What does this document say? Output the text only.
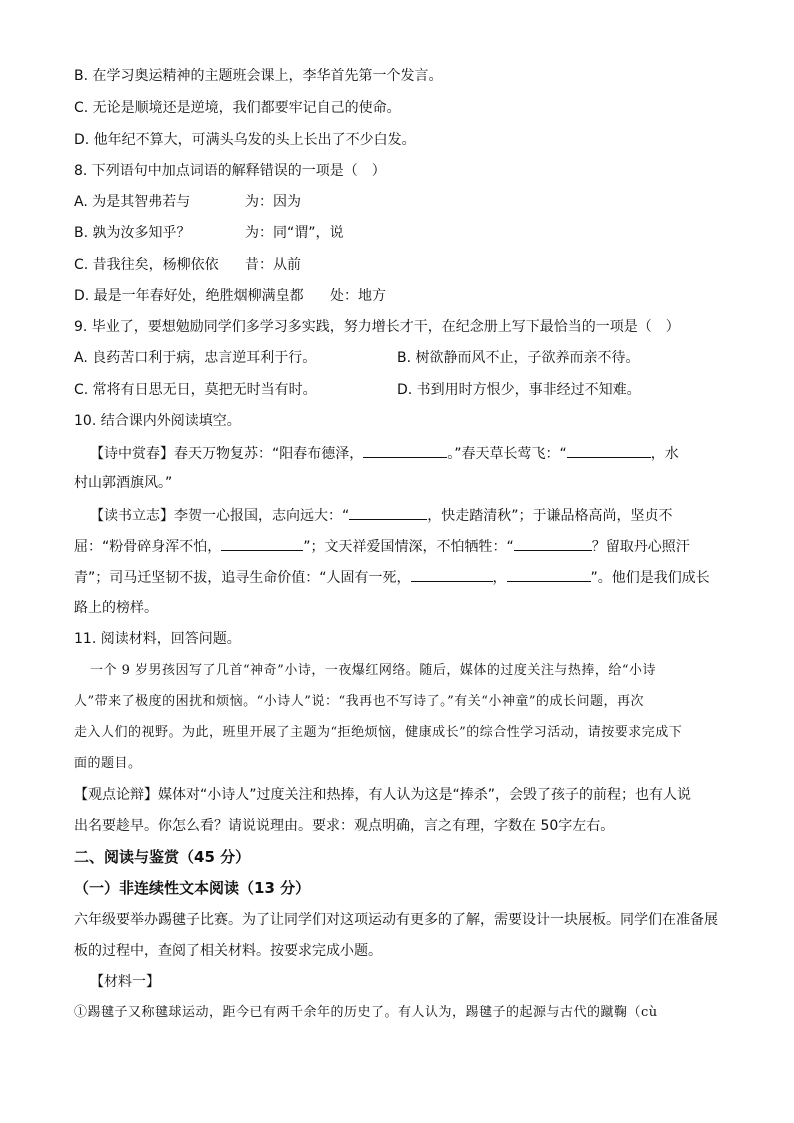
B. 在学习奥运精神的主题班会课上，李华首先第一个发言。
C. 无论是顺境还是逆境，我们都要牢记自己的使命。
D. 他年纪不算大，可满头乌发的头上长出了不少白发。
8. 下列语句中加点词语的解释错误的一项是（　）
A. 为是其智弗若与	为：因为
B. 孰为汝多知乎？	为：同“谓”，说
C. 昔我往矣，杨柳依依 昔：从前
D. 最是一年春好处，绝胜烟柳满皇都 处：地方
9. 毕业了，要想勉励同学们多学习多实践，努力增长才干，在纪念册上写下最恰当的一项是（　）
A. 良药苦口利于病，忠言逆耳利于行。	B. 树欲静而风不止，子欲养而亲不待。
C. 常将有日思无日，莫把无时当有时。	D. 书到用时方恨少，事非经过不知难。
10. 结合课内外阅读填空。
【诗中赏春】春天万物复苏：“阳春布德泽，	。”春天草长莺飞：“	，水
村山郭酒旗风。”
【读书立志】李贺一心报国，志向远大：“	，快走踏清秋”；于谦品格高尚，坚贞不
屈：“粉骨碎身浑不怕，	”；文天祥爱国情深，不怕牺牲：“	？留取丹心照汗
青”；司马迁坚韧不拔，追寻生命价值：“人固有一死，	，	”。他们是我们成长
路上的榜样。
11. 阅读材料，回答问题。
一个 9 岁男孩因写了几首“神奇”小诗，一夜爆红网络。随后，媒体的过度关注与热捧，给“小诗
人”带来了极度的困扰和烦恼。“小诗人”说：“我再也不写诗了。”有关“小神童”的成长问题，再次
走入人们的视野。为此，班里开展了主题为“拒绝烦恼，健康成长”的综合性学习活动，请按要求完成下
面的题目。
【观点论辩】媒体对“小诗人”过度关注和热捧，有人认为这是“捧杀”，会毁了孩子的前程；也有人说
出名要趁早。你怎么看？请说说理由。要求：观点明确，言之有理，字数在 50字左右。
二、阅读与鉴赏（45 分）
（一）非连续性文本阅读（13 分）
六年级要举办踢毽子比赛。为了让同学们对这项运动有更多的了解，需要设计一块展板。同学们在准备展
板的过程中，查阅了相关材料。按要求完成小题。
【材料一】
①踢毽子又称毽球运动，距今已有两千余年的历史了。有人认为，踢毽子的起源与古代的蹴鞠（cù
